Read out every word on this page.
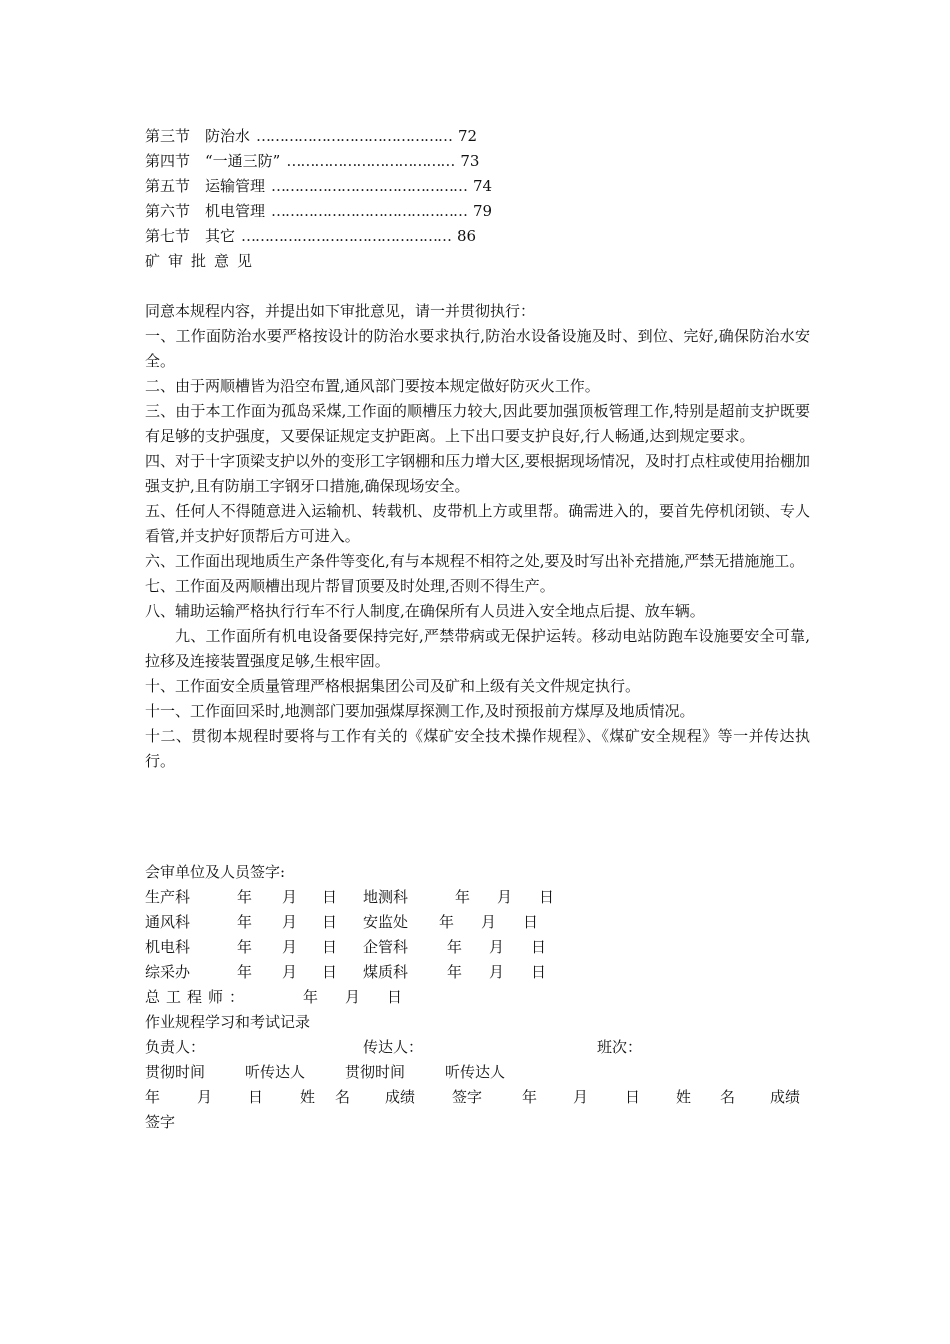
第三节　防治水 …………………………………… 72
第四节　“一通三防” ……………………………… 73
第五节　运输管理 …………………………………… 74
第六节　机电管理 …………………………………… 79
第七节　其它 ……………………………………… 86
矿审批意见
同意本规程内容，并提出如下审批意见，请一并贯彻执行：
一、工作面防治水要严格按设计的防治水要求执行,防治水设备设施及时、到位、完好,确保防治水安全。
二、由于两顺槽皆为沿空布置,通风部门要按本规定做好防灭火工作。
三、由于本工作面为孤岛采煤,工作面的顺槽压力较大,因此要加强顶板管理工作,特别是超前支护既要有足够的支护强度，又要保证规定支护距离。上下出口要支护良好,行人畅通,达到规定要求。
四、对于十字顶梁支护以外的变形工字钢棚和压力增大区,要根据现场情况，及时打点柱或使用抬棚加强支护,且有防崩工字钢牙口措施,确保现场安全。
五、任何人不得随意进入运输机、转载机、皮带机上方或里帮。确需进入的，要首先停机闭锁、专人看管,并支护好顶帮后方可进入。
六、工作面出现地质生产条件等变化,有与本规程不相符之处,要及时写出补充措施,严禁无措施施工。
七、工作面及两顺槽出现片帮冒顶要及时处理,否则不得生产。
八、辅助运输严格执行行车不行人制度,在确保所有人员进入安全地点后提、放车辆。
九、工作面所有机电设备要保持完好,严禁带病或无保护运转。移动电站防跑车设施要安全可靠,拉移及连接装置强度足够,生根牢固。
十、工作面安全质量管理严格根据集团公司及矿和上级有关文件规定执行。
十一、工作面回采时,地测部门要加强煤厚探测工作,及时预报前方煤厚及地质情况。
十二、贯彻本规程时要将与工作有关的《煤矿安全技术操作规程》、《煤矿安全规程》等一并传达执行。
会审单位及人员签字:
生产科	年 月 日 地测科	年 月 日
通风科	年 月 日 安监处 年 月 日
机电科	年 月 日 企管科	年 月 日
综采办	年 月 日 煤质科	年 月 日
总工程师：	年 月 日
作业规程学习和考试记录
负责人：	传达人：	班次：
贯彻时间	听传达人	贯彻时间	听传达人
年 月 日 姓 名 成绩 签字	年 月 日 姓 名 成绩
签字
